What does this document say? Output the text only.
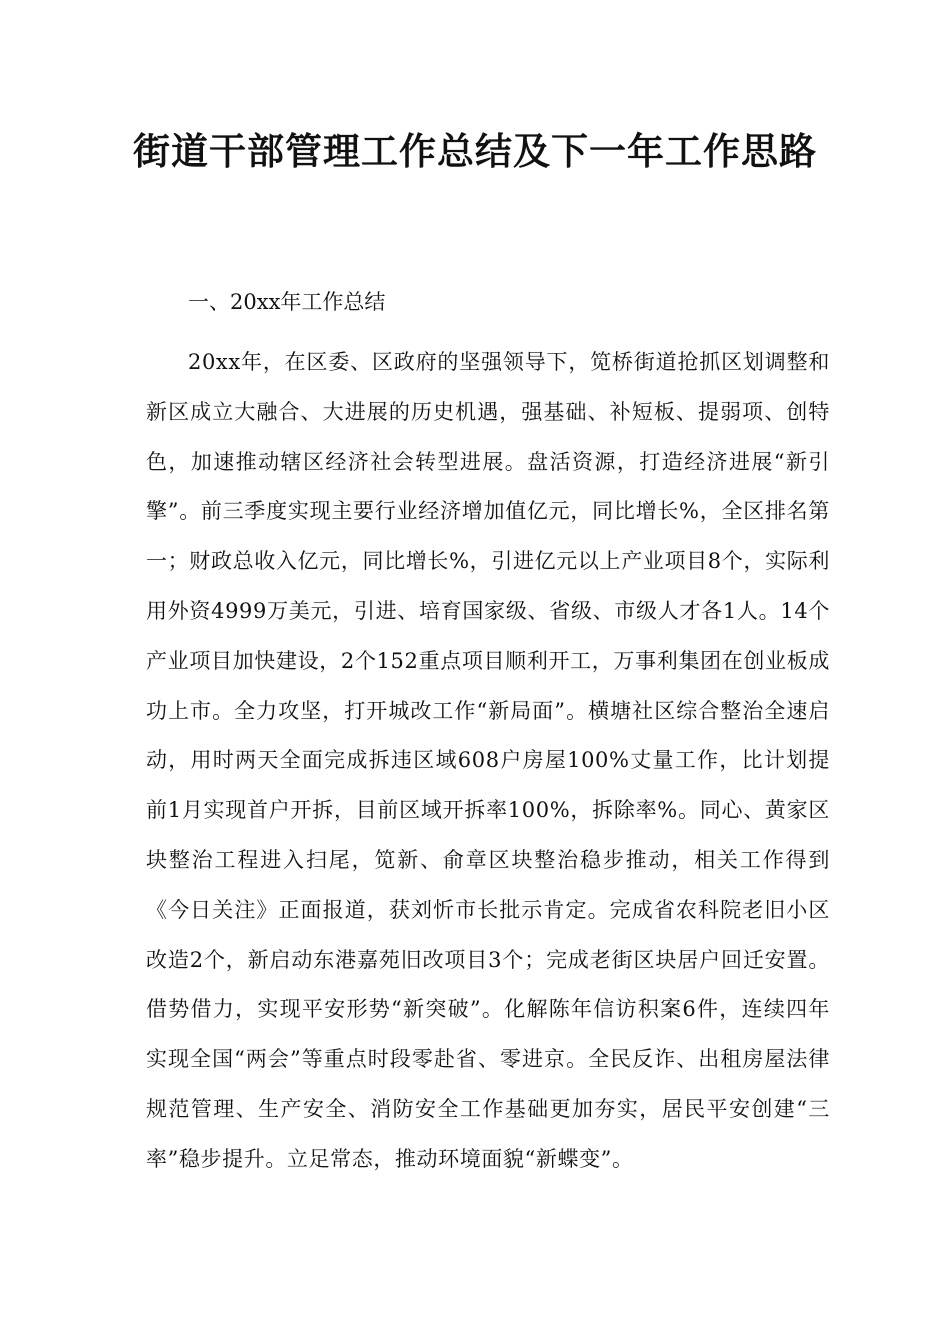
街道干部管理工作总结及下一年工作思路

一、20xx年工作总结

20xx年，在区委、区政府的坚强领导下，笕桥街道抢抓区划调整和新区成立大融合、大进展的历史机遇，强基础、补短板、提弱项、创特色，加速推动辖区经济社会转型进展。盘活资源，打造经济进展“新引擎”。前三季度实现主要行业经济增加值亿元，同比增长%，全区排名第一；财政总收入亿元，同比增长%，引进亿元以上产业项目8个，实际利用外资4999万美元，引进、培育国家级、省级、市级人才各1人。14个产业项目加快建设，2个152重点项目顺利开工，万事利集团在创业板成功上市。全力攻坚，打开城改工作“新局面”。横塘社区综合整治全速启动，用时两天全面完成拆违区域608户房屋100%丈量工作，比计划提前1月实现首户开拆，目前区域开拆率100%，拆除率%。同心、黄家区块整治工程进入扫尾，笕新、俞章区块整治稳步推动，相关工作得到《今日关注》正面报道，获刘忻市长批示肯定。完成省农科院老旧小区改造2个，新启动东港嘉苑旧改项目3个；完成老街区块居户回迁安置。借势借力，实现平安形势“新突破”。化解陈年信访积案6件，连续四年实现全国“两会”等重点时段零赴省、零进京。全民反诈、出租房屋法律规范管理、生产安全、消防安全工作基础更加夯实，居民平安创建“三率”稳步提升。立足常态，推动环境面貌“新蝶变”。
